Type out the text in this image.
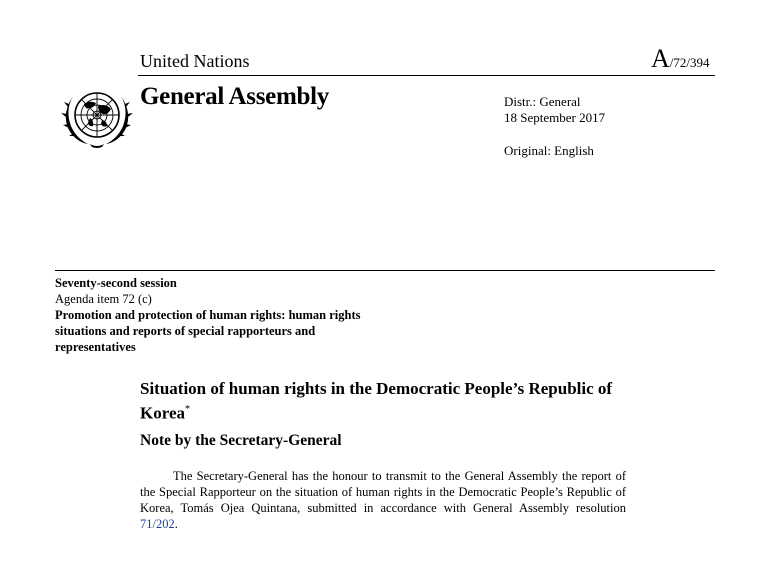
United Nations	A/72/394
General Assembly	Distr.: General
18 September 2017
Original: English
Seventy-second session
Agenda item 72 (c)
Promotion and protection of human rights: human rights situations and reports of special rapporteurs and representatives
Situation of human rights in the Democratic People’s Republic of Korea*
Note by the Secretary-General
The Secretary-General has the honour to transmit to the General Assembly the report of the Special Rapporteur on the situation of human rights in the Democratic People’s Republic of Korea, Tomás Ojea Quintana, submitted in accordance with General Assembly resolution 71/202.
